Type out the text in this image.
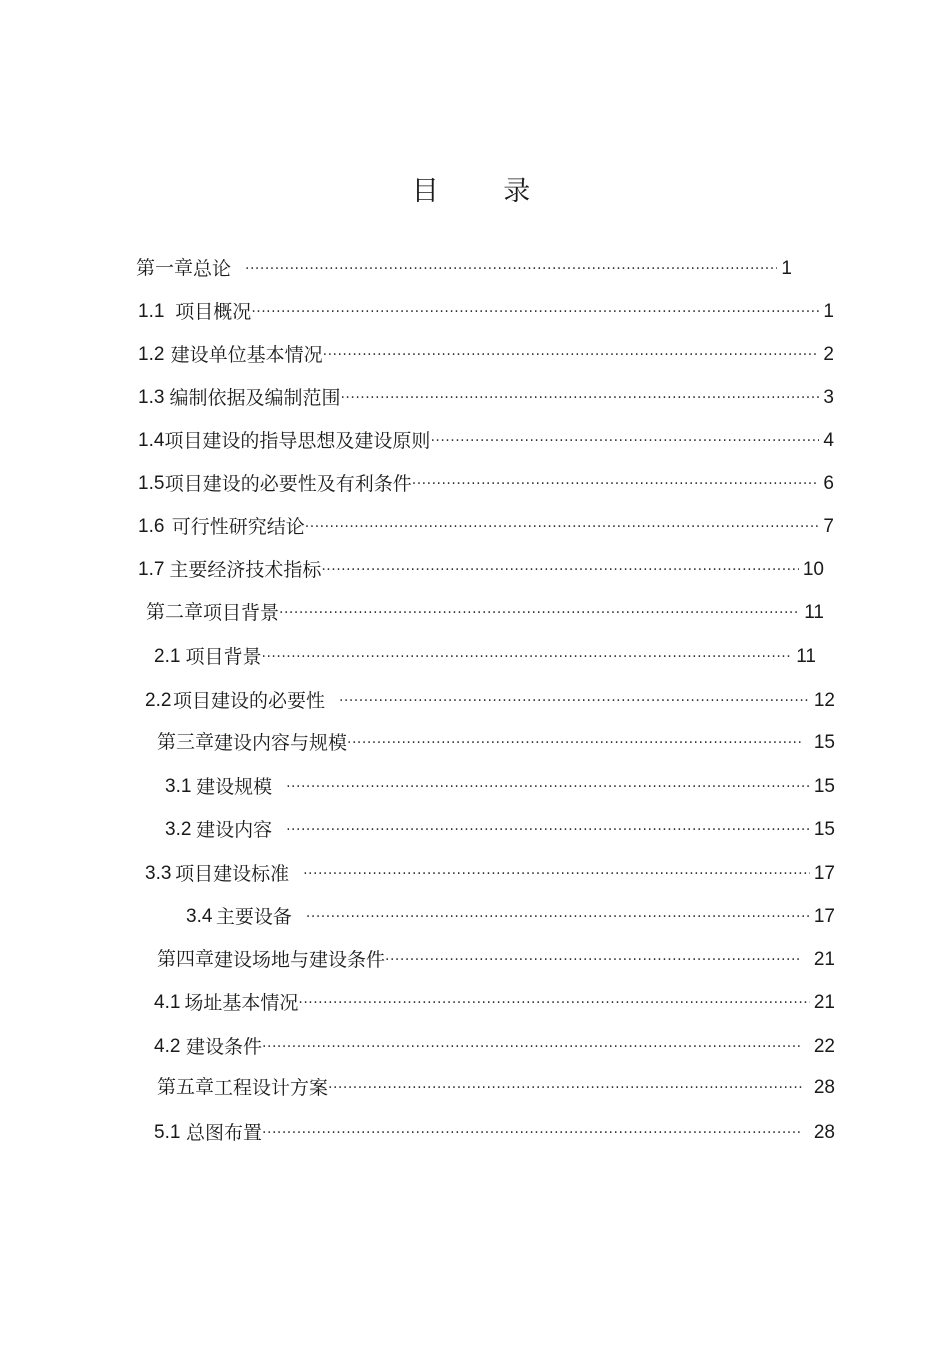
目 录
第一章 总论 ·····	1
1.1 项目概况 ·····	1
1.2 建设单位基本情况 ·····	2
1.3 编制依据及编制范围 ·····	3
1.4 项目建设的指导思想及建设原则 ·····	4
1.5 项目建设的必要性及有利条件 ·····	6
1.6 可行性研究结论 ·····	7
1.7 主要经济技术指标 ·····	10
第二章 项目背景 ·····	11
2.1 项目背景 ·····	11
2.2 项目建设的必要性 ·····	12
第三章 建设内容与规模 ·····	15
3.1 建设规模 ·····	15
3.2 建设内容 ·····	15
3.3 项目建设标准 ·····	17
3.4 主要设备 ·····	17
第四章 建设场地与建设条件 ·····	21
4.1 场址基本情况 ·····	21
4.2 建设条件 ·····	22
第五章 工程设计方案 ·····	28
5.1 总图布置 ·····	28
